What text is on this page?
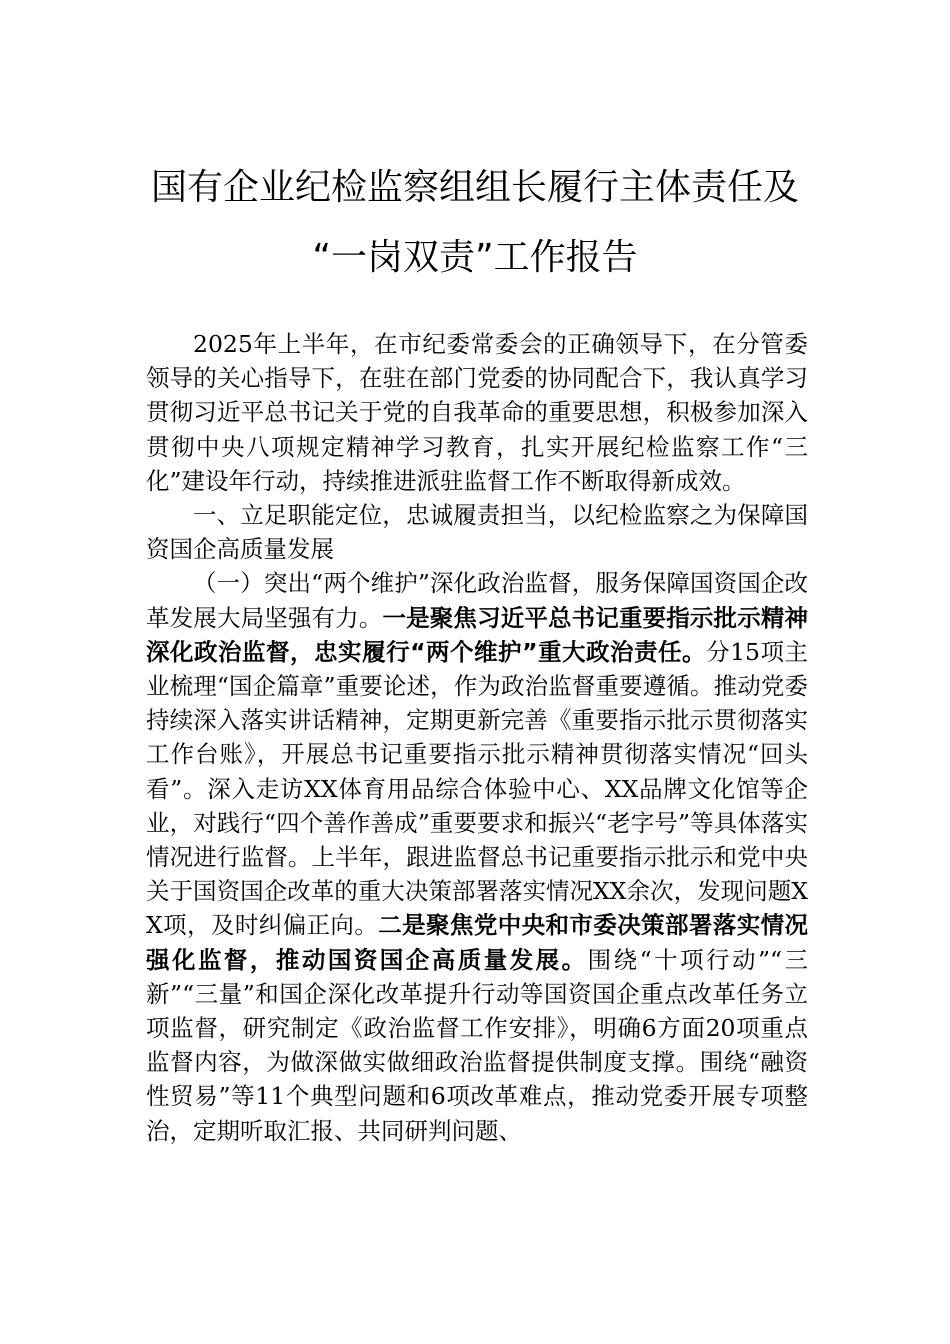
国有企业纪检监察组组长履行主体责任及
“一岗双责”工作报告

2025年上半年，在市纪委常委会的正确领导下，在分管委领导的关心指导下，在驻在部门党委的协同配合下，我认真学习贯彻习近平总书记关于党的自我革命的重要思想，积极参加深入贯彻中央八项规定精神学习教育，扎实开展纪检监察工作“三化”建设年行动，持续推进派驻监督工作不断取得新成效。

一、立足职能定位，忠诚履责担当，以纪检监察之为保障国资国企高质量发展

（一）突出“两个维护”深化政治监督，服务保障国资国企改革发展大局坚强有力。一是聚焦习近平总书记重要指示批示精神深化政治监督，忠实履行“两个维护”重大政治责任。分15项主业梳理“国企篇章”重要论述，作为政治监督重要遵循。推动党委持续深入落实讲话精神，定期更新完善《重要指示批示贯彻落实工作台账》，开展总书记重要指示批示精神贯彻落实情况“回头看”。深入走访XX体育用品综合体验中心、XX品牌文化馆等企业，对践行“四个善作善成”重要要求和振兴“老字号”等具体落实情况进行监督。上半年，跟进监督总书记重要指示批示和党中央关于国资国企改革的重大决策部署落实情况XX余次，发现问题XX项，及时纠偏正向。二是聚焦党中央和市委决策部署落实情况强化监督，推动国资国企高质量发展。围绕“十项行动”“三新”“三量”和国企深化改革提升行动等国资国企重点改革任务立项监督，研究制定《政治监督工作安排》，明确6方面20项重点监督内容，为做深做实做细政治监督提供制度支撑。围绕“融资性贸易”等11个典型问题和6项改革难点，推动党委开展专项整治，定期听取汇报、共同研判问题、
